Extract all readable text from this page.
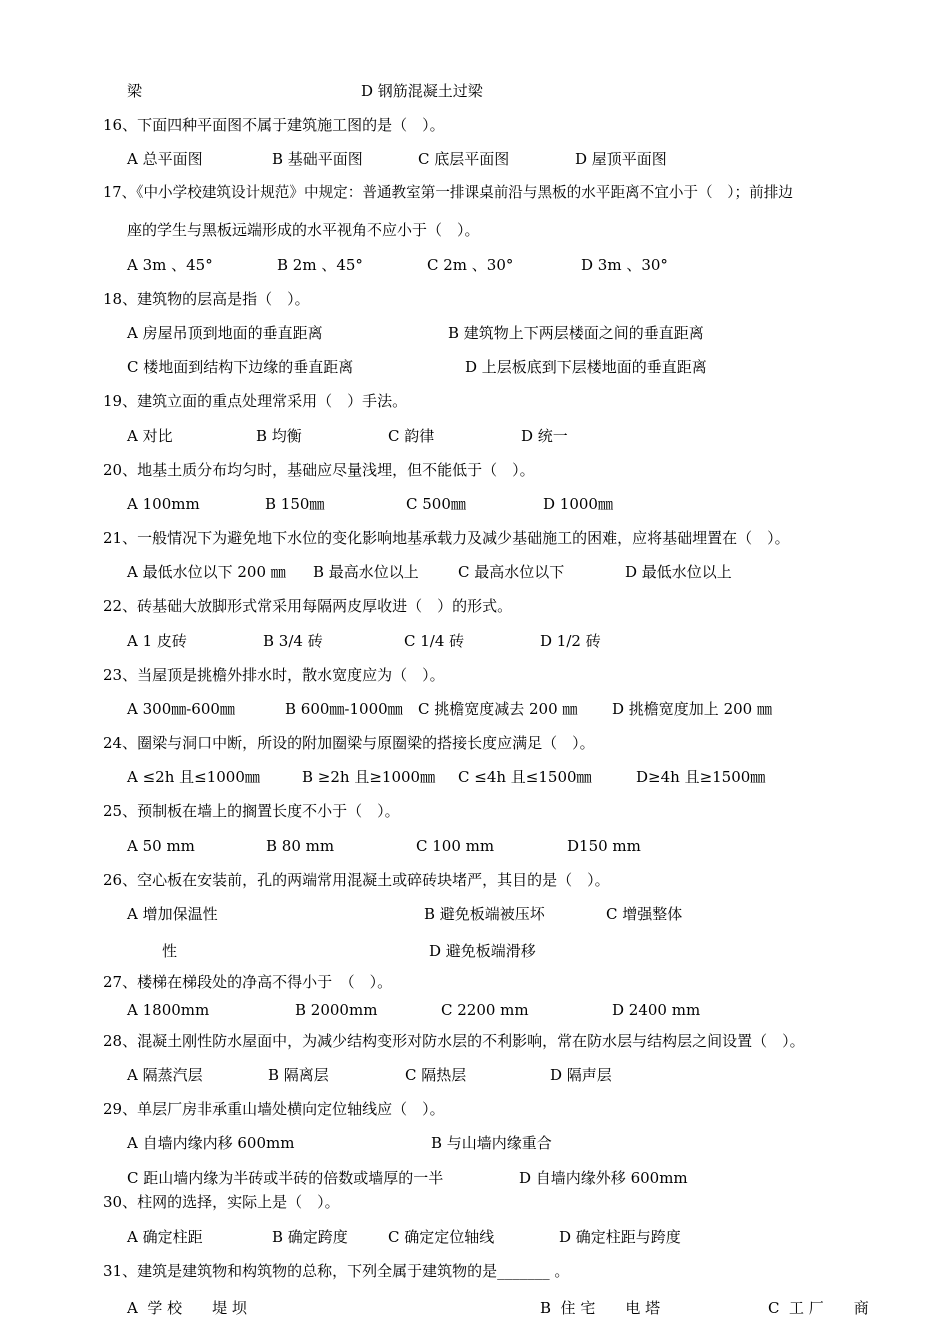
梁	D 钢筋混凝土过梁
16、下面四种平面图不属于建筑施工图的是（　）。
A 总平面图	B 基础平面图	C 底层平面图	D 屋顶平面图
17、《中小学校建筑设计规范》中规定：普通教室第一排课桌前沿与黑板的水平距离不宜小于（　）；前排边
座的学生与黑板远端形成的水平视角不应小于（　）。
A 3m 、45°	B 2m 、45°	C 2m 、30°	D 3m 、30°
18、建筑物的层高是指（　）。
A 房屋吊顶到地面的垂直距离	B 建筑物上下两层楼面之间的垂直距离
C 楼地面到结构下边缘的垂直距离	D 上层板底到下层楼地面的垂直距离
19、建筑立面的重点处理常采用（　）手法。
A 对比	B 均衡	C 韵律	D 统一
20、地基土质分布均匀时，基础应尽量浅埋，但不能低于（　）。
A 100mm	B 150㎜	C 500㎜	D 1000㎜
21、一般情况下为避免地下水位的变化影响地基承载力及减少基础施工的困难，应将基础埋置在（　）。
A 最低水位以下 200 ㎜ B 最高水位以上	C 最高水位以下	D 最低水位以上
22、砖基础大放脚形式常采用每隔两皮厚收进（　）的形式。
A 1 皮砖	B 3/4 砖	C 1/4 砖	D 1/2 砖
23、当屋顶是挑檐外排水时，散水宽度应为（　）。
A 300㎜-600㎜	B 600㎜-1000㎜ C 挑檐宽度减去 200 ㎜ D 挑檐宽度加上 200 ㎜
24、圈梁与洞口中断，所设的附加圈梁与原圈梁的搭接长度应满足（　）。
A ≤2h 且≤1000㎜	B ≥2h 且≥1000㎜ C ≤4h 且≤1500㎜	D≥4h 且≥1500㎜
25、预制板在墙上的搁置长度不小于（　）。
A 50 mm	B 80 mm	C 100 mm	D150 mm
26、空心板在安装前，孔的两端常用混凝土或碎砖块堵严，其目的是（　）。
A 增加保温性	B 避免板端被压坏	C 增强整体
性	D 避免板端滑移
27、楼梯在梯段处的净高不得小于　（　）。
A 1800mm	B 2000mm	C 2200 mm	D 2400 mm
28、混凝土刚性防水屋面中，为减少结构变形对防水层的不利影响，常在防水层与结构层之间设置（　）。
A 隔蒸汽层	B 隔离层	C 隔热层	D 隔声层
29、单层厂房非承重山墙处横向定位轴线应（　）。
A 自墙内缘内移 600mm	B 与山墙内缘重合
C 距山墙内缘为半砖或半砖的倍数或墙厚的一半	D 自墙内缘外移 600mm
30、柱网的选择，实际上是（　）。
A 确定柱距	B 确定跨度	C 确定定位轴线	D 确定柱距与跨度
31、建筑是建筑物和构筑物的总称，下列全属于建筑物的是_______ 。
A  学 校　　堤 坝	B  住 宅　　电 塔	C  工 厂　　商
